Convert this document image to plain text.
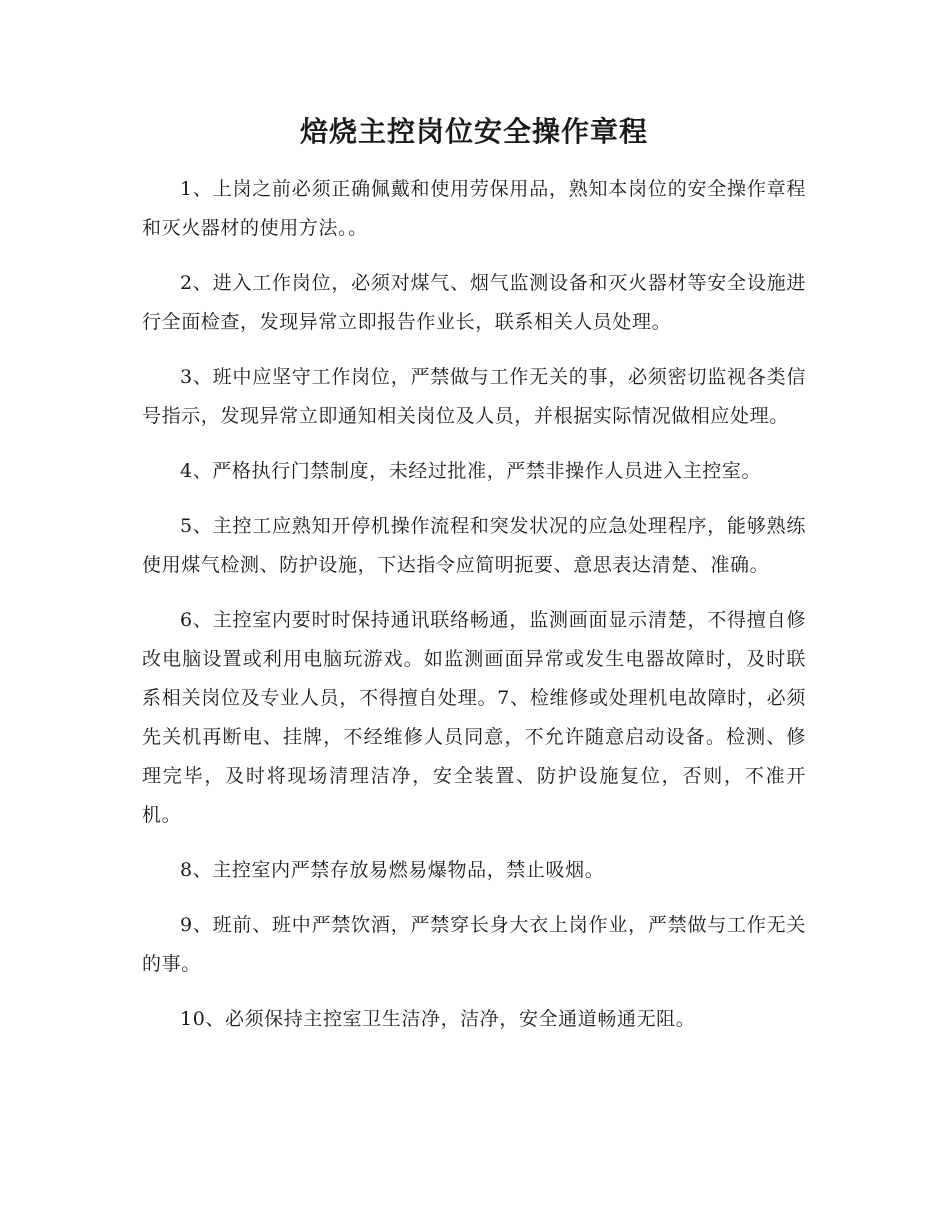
焙烧主控岗位安全操作章程

1、上岗之前必须正确佩戴和使用劳保用品，熟知本岗位的安全操作章程和灭火器材的使用方法。。

2、进入工作岗位，必须对煤气、烟气监测设备和灭火器材等安全设施进行全面检查，发现异常立即报告作业长，联系相关人员处理。

3、班中应坚守工作岗位，严禁做与工作无关的事，必须密切监视各类信号指示，发现异常立即通知相关岗位及人员，并根据实际情况做相应处理。

4、严格执行门禁制度，未经过批准，严禁非操作人员进入主控室。

5、主控工应熟知开停机操作流程和突发状况的应急处理程序，能够熟练使用煤气检测、防护设施，下达指令应简明扼要、意思表达清楚、准确。

6、主控室内要时时保持通讯联络畅通，监测画面显示清楚，不得擅自修改电脑设置或利用电脑玩游戏。如监测画面异常或发生电器故障时，及时联系相关岗位及专业人员，不得擅自处理。7、检维修或处理机电故障时，必须先关机再断电、挂牌，不经维修人员同意，不允许随意启动设备。检测、修理完毕，及时将现场清理洁净，安全装置、防护设施复位，否则，不准开机。

8、主控室内严禁存放易燃易爆物品，禁止吸烟。

9、班前、班中严禁饮酒，严禁穿长身大衣上岗作业，严禁做与工作无关的事。

10、必须保持主控室卫生洁净，洁净，安全通道畅通无阻。
